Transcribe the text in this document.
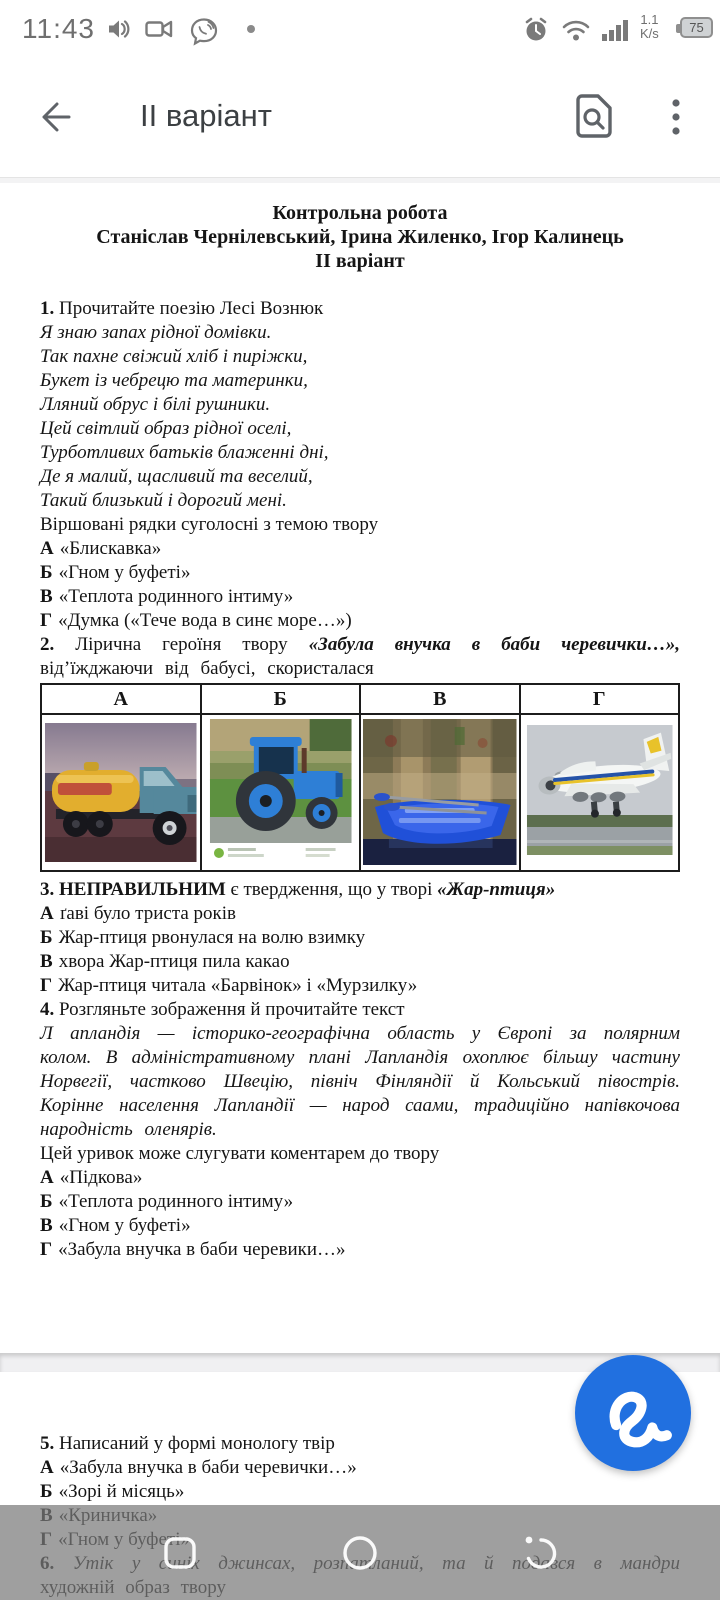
11:43	1.1
K/s	75
ІІ варіант
Контрольна робота
Станіслав Чернілевський, Ірина Жиленко, Ігор Калинець
ІІ варіант
1. Прочитайте поезію Лесі Вознюк
Я знаю запах рідної домівки.
Так пахне свіжий хліб і пиріжки,
Букет із чебрецю та материнки,
Лляний обрус і білі рушники.
Цей світлий образ рідної оселі,
Турботливих батьків блаженні дні,
Де я малий, щасливий та веселий,
Такий близький і дорогий мені.
Віршовані рядки суголосні з темою твору
А «Блискавка»
Б «Гном у буфеті»
В «Теплота родинного інтиму»
Г «Думка («Тече вода в синє море…»)

2. Лірична героїня твору «Забула внучка в баби черевички…», від’їжджаючи від бабусі, скористалася

А	Б	В	Г

3. НЕПРАВИЛЬНИМ є твердження, що у творі «Жар-птиця»
А ґаві було триста років
Б Жар-птиця рвонулася на волю взимку
В хвора Жар-птиця пила какао
Г Жар-птиця читала «Барвінок» і «Мурзилку»
4. Розгляньте зображення й прочитайте текст

Л апландія — історико-географічна область у Європі за полярним колом. В адміністративному плані Лапландія охоплює більшу частину Норвегії, частково Швецію, північ Фінляндії й Кольський півострів. Корінне населення Лапландії — народ саами, традиційно напівкочова народність оленярів.

Цей уривок може слугувати коментарем до твору
А «Підкова»
Б «Теплота родинного інтиму»
В «Гном у буфеті»
Г «Забула внучка в баби черевики…»
5. Написаний у формі монологу твір
А «Забула внучка в баби черевички…»
Б «Зорі й місяць»
